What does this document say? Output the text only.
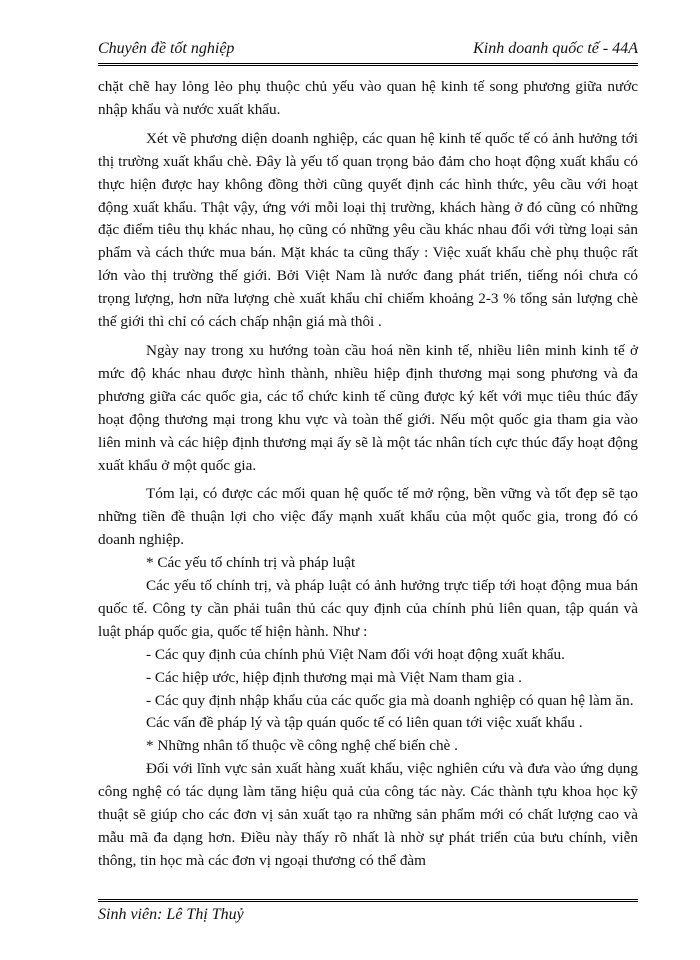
Chuyên đề tốt nghiệp	Kinh doanh quốc tế - 44A

chặt chẽ hay lỏng lẻo phụ thuộc chủ yếu vào quan hệ kinh tế song phương giữa nước nhập khẩu và nước xuất khẩu.

Xét về phương diện doanh nghiệp, các quan hệ kinh tế quốc tế có ảnh hưởng tới thị trường xuất khẩu chè. Đây là yếu tố quan trọng bảo đảm cho hoạt động xuất khẩu có thực hiện được hay không đồng thời cũng quyết định các hình thức, yêu cầu với hoạt động xuất khẩu. Thật vậy, ứng với mỗi loại thị trường, khách hàng ở đó cũng có những đặc điểm tiêu thụ khác nhau, họ cũng có những yêu cầu khác nhau đối với từng loại sản phẩm và cách thức mua bán. Mặt khác ta cũng thấy : Việc xuất khẩu chè phụ thuộc rất lớn vào thị trường thế giới. Bởi Việt Nam là nước đang phát triển, tiếng nói chưa có trọng lượng, hơn nữa lượng chè xuất khẩu chỉ chiếm khoảng 2-3 % tổng sản lượng chè thế giới thì chỉ có cách chấp nhận giá mà thôi .

Ngày nay trong xu hướng toàn cầu hoá nền kinh tế, nhiều liên minh kinh tế ở mức độ khác nhau được hình thành, nhiều hiệp định thương mại song phương và đa phương giữa các quốc gia, các tổ chức kinh tế cũng được ký kết với mục tiêu thúc đẩy hoạt động thương mại trong khu vực và toàn thế giới. Nếu một quốc gia tham gia vào liên minh và các hiệp định thương mại ấy sẽ là một tác nhân tích cực thúc đẩy hoạt động xuất khẩu ở một quốc gia.

Tóm lại, có được các mối quan hệ quốc tế mở rộng, bền vững và tốt đẹp sẽ tạo những tiền đề thuận lợi cho việc đẩy mạnh xuất khẩu của một quốc gia, trong đó có doanh nghiệp.

* Các yếu tố chính trị và pháp luật

Các yếu tố chính trị, và pháp luật có ảnh hưởng trực tiếp tới hoạt động mua bán quốc tế. Công ty cần phải tuân thủ các quy định của chính phủ liên quan, tập quán và luật pháp quốc gia, quốc tế hiện hành. Như :

- Các quy định của chính phủ Việt Nam đối với hoạt động xuất khẩu.

- Các hiệp ước, hiệp định thương mại mà Việt Nam tham gia .

- Các quy định nhập khẩu của các quốc gia mà doanh nghiệp có quan hệ làm ăn.

Các vấn đề pháp lý và tập quán quốc tế có liên quan tới việc xuất khẩu .

* Những nhân tố thuộc về công nghệ chế biến chè .

Đối với lĩnh vực sản xuất hàng xuất khẩu, việc nghiên cứu và đưa vào ứng dụng công nghệ có tác dụng làm tăng hiệu quả của công tác này. Các thành tựu khoa học kỹ thuật sẽ giúp cho các đơn vị sản xuất tạo ra những sản phẩm mới có chất lượng cao và mẫu mã đa dạng hơn. Điều này thấy rõ nhất là nhờ sự phát triển của bưu chính, viễn thông, tin học mà các đơn vị ngoại thương có thể đàm

Sinh viên: Lê Thị Thuỷ
